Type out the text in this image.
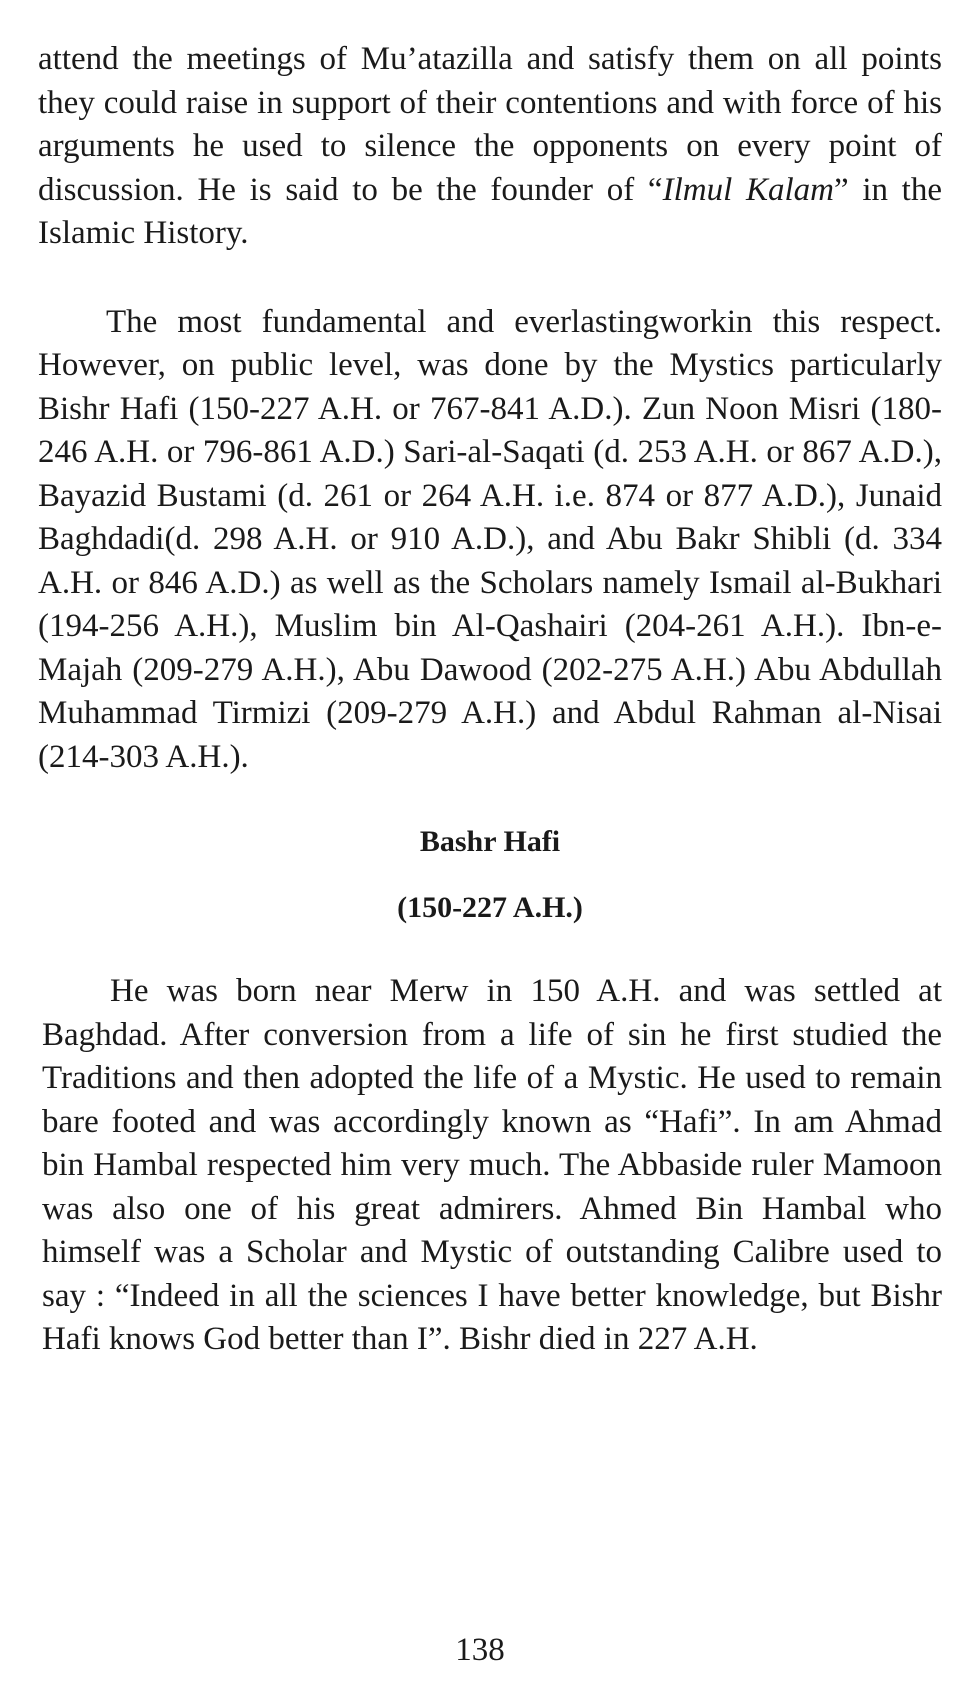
attend the meetings of Mu’atazilla and satisfy them on all points they could raise in support of their contentions and with force of his arguments he used to silence the opponents on every point of discussion. He is said to be the founder of “Ilmul Kalam” in the Islamic History.

The most fundamental and everlastingworkin this respect. However, on public level, was done by the Mystics particularly Bishr Hafi (150-227 A.H. or 767-841 A.D.). Zun Noon Misri (180-246 A.H. or 796-861 A.D.) Sari-al-Saqati (d. 253 A.H. or 867 A.D.), Bayazid Bustami (d. 261 or 264 A.H. i.e. 874 or 877 A.D.), Junaid Baghdadi(d. 298 A.H. or 910 A.D.), and Abu Bakr Shibli (d. 334 A.H. or 846 A.D.) as well as the Scholars namely Ismail al-Bukhari (194-256 A.H.), Muslim bin Al-Qashairi (204-261 A.H.). Ibn-e-Majah (209-279 A.H.), Abu Dawood (202-275 A.H.) Abu Abdullah Muhammad Tirmizi (209-279 A.H.) and Abdul Rahman al-Nisai (214-303 A.H.).

Bashr Hafi
(150-227 A.H.)

He was born near Merw in 150 A.H. and was settled at Baghdad. After conversion from a life of sin he first studied the Traditions and then adopted the life of a Mystic. He used to remain bare footed and was accordingly known as “Hafi”. In am Ahmad bin Hambal respected him very much. The Abbaside ruler Mamoon was also one of his great admirers. Ahmed Bin Hambal who himself was a Scholar and Mystic of outstanding Calibre used to say : “Indeed in all the sciences I have better knowledge, but Bishr Hafi knows God better than I”. Bishr died in 227 A.H.

138
